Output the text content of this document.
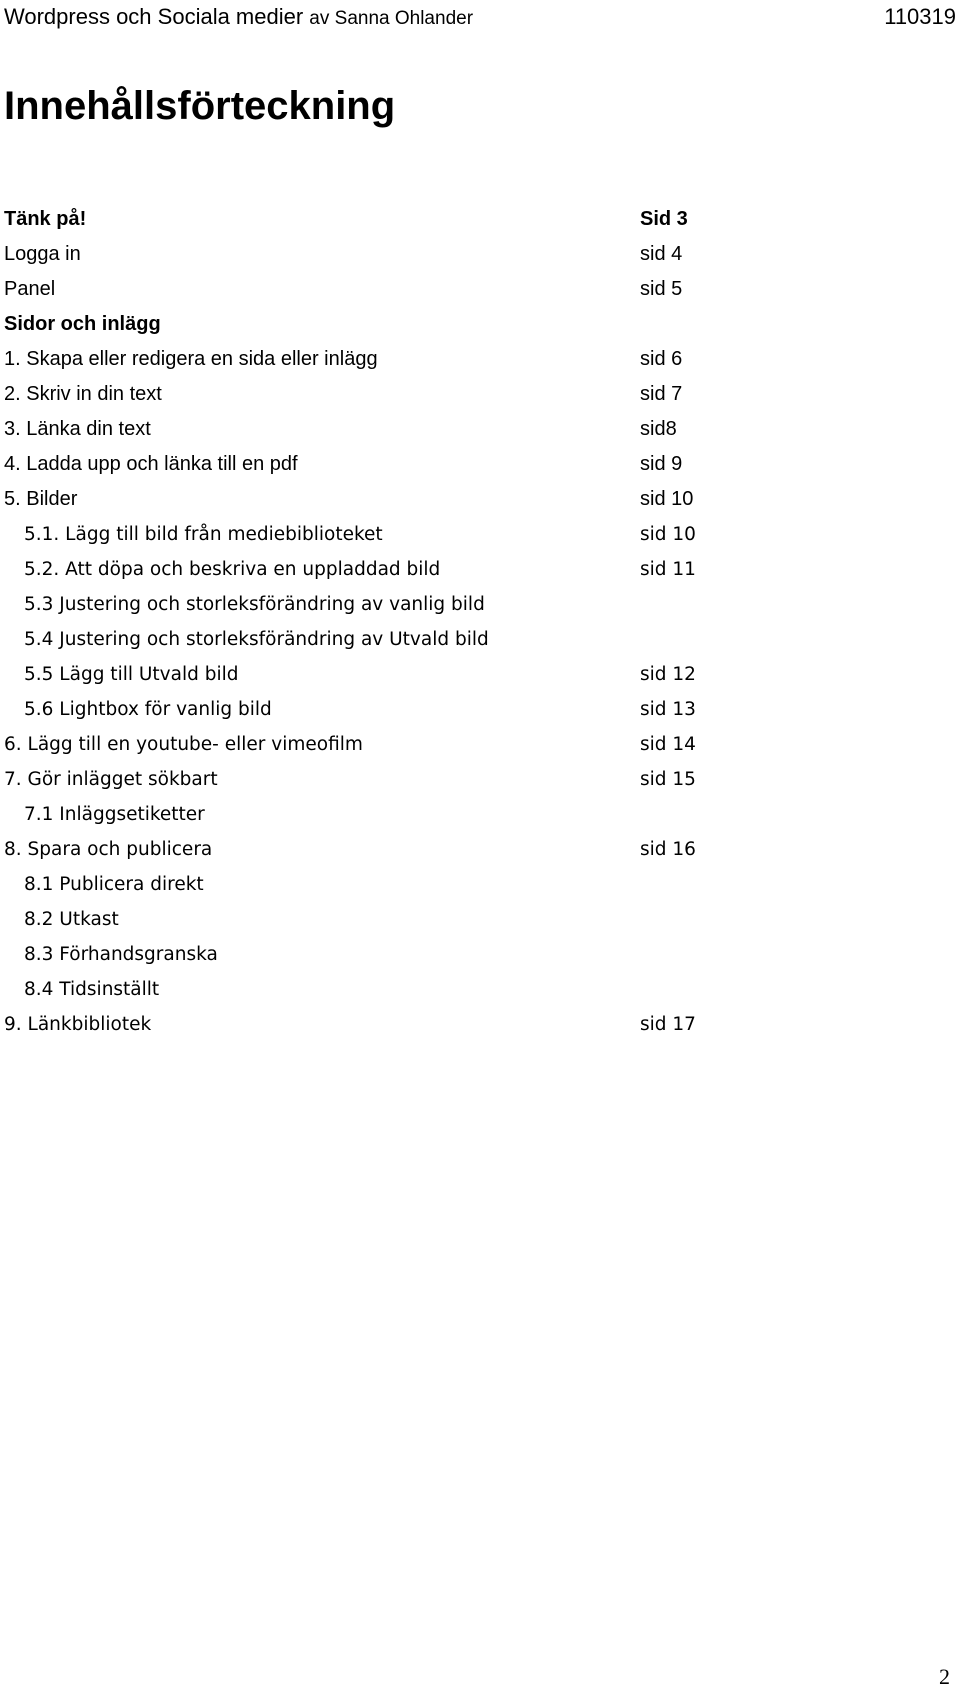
Wordpress och Sociala medier av Sanna Ohlander	110319
Innehållsförteckning
Tänk på!	Sid 3
Logga in	sid 4
Panel	sid 5
Sidor och inlägg
1. Skapa eller redigera en sida eller inlägg	sid 6
2. Skriv in din text	sid 7
3. Länka din text	sid8
4. Ladda upp och länka till en pdf	sid 9
5. Bilder	sid 10
5.1. Lägg till bild från mediebiblioteket	sid 10
5.2. Att döpa och beskriva en uppladdad bild	sid 11
5.3 Justering och storleksförändring av vanlig bild
5.4 Justering och storleksförändring av Utvald bild
5.5 Lägg till Utvald bild	sid 12
5.6 Lightbox för vanlig bild	sid 13
6. Lägg till en youtube- eller vimeofilm	sid 14
7. Gör inlägget sökbart	sid 15
7.1 Inläggsetiketter
8. Spara och publicera	sid 16
8.1 Publicera direkt
8.2 Utkast
8.3 Förhandsgranska
8.4 Tidsinställt
9. Länkbibliotek	sid 17
2
